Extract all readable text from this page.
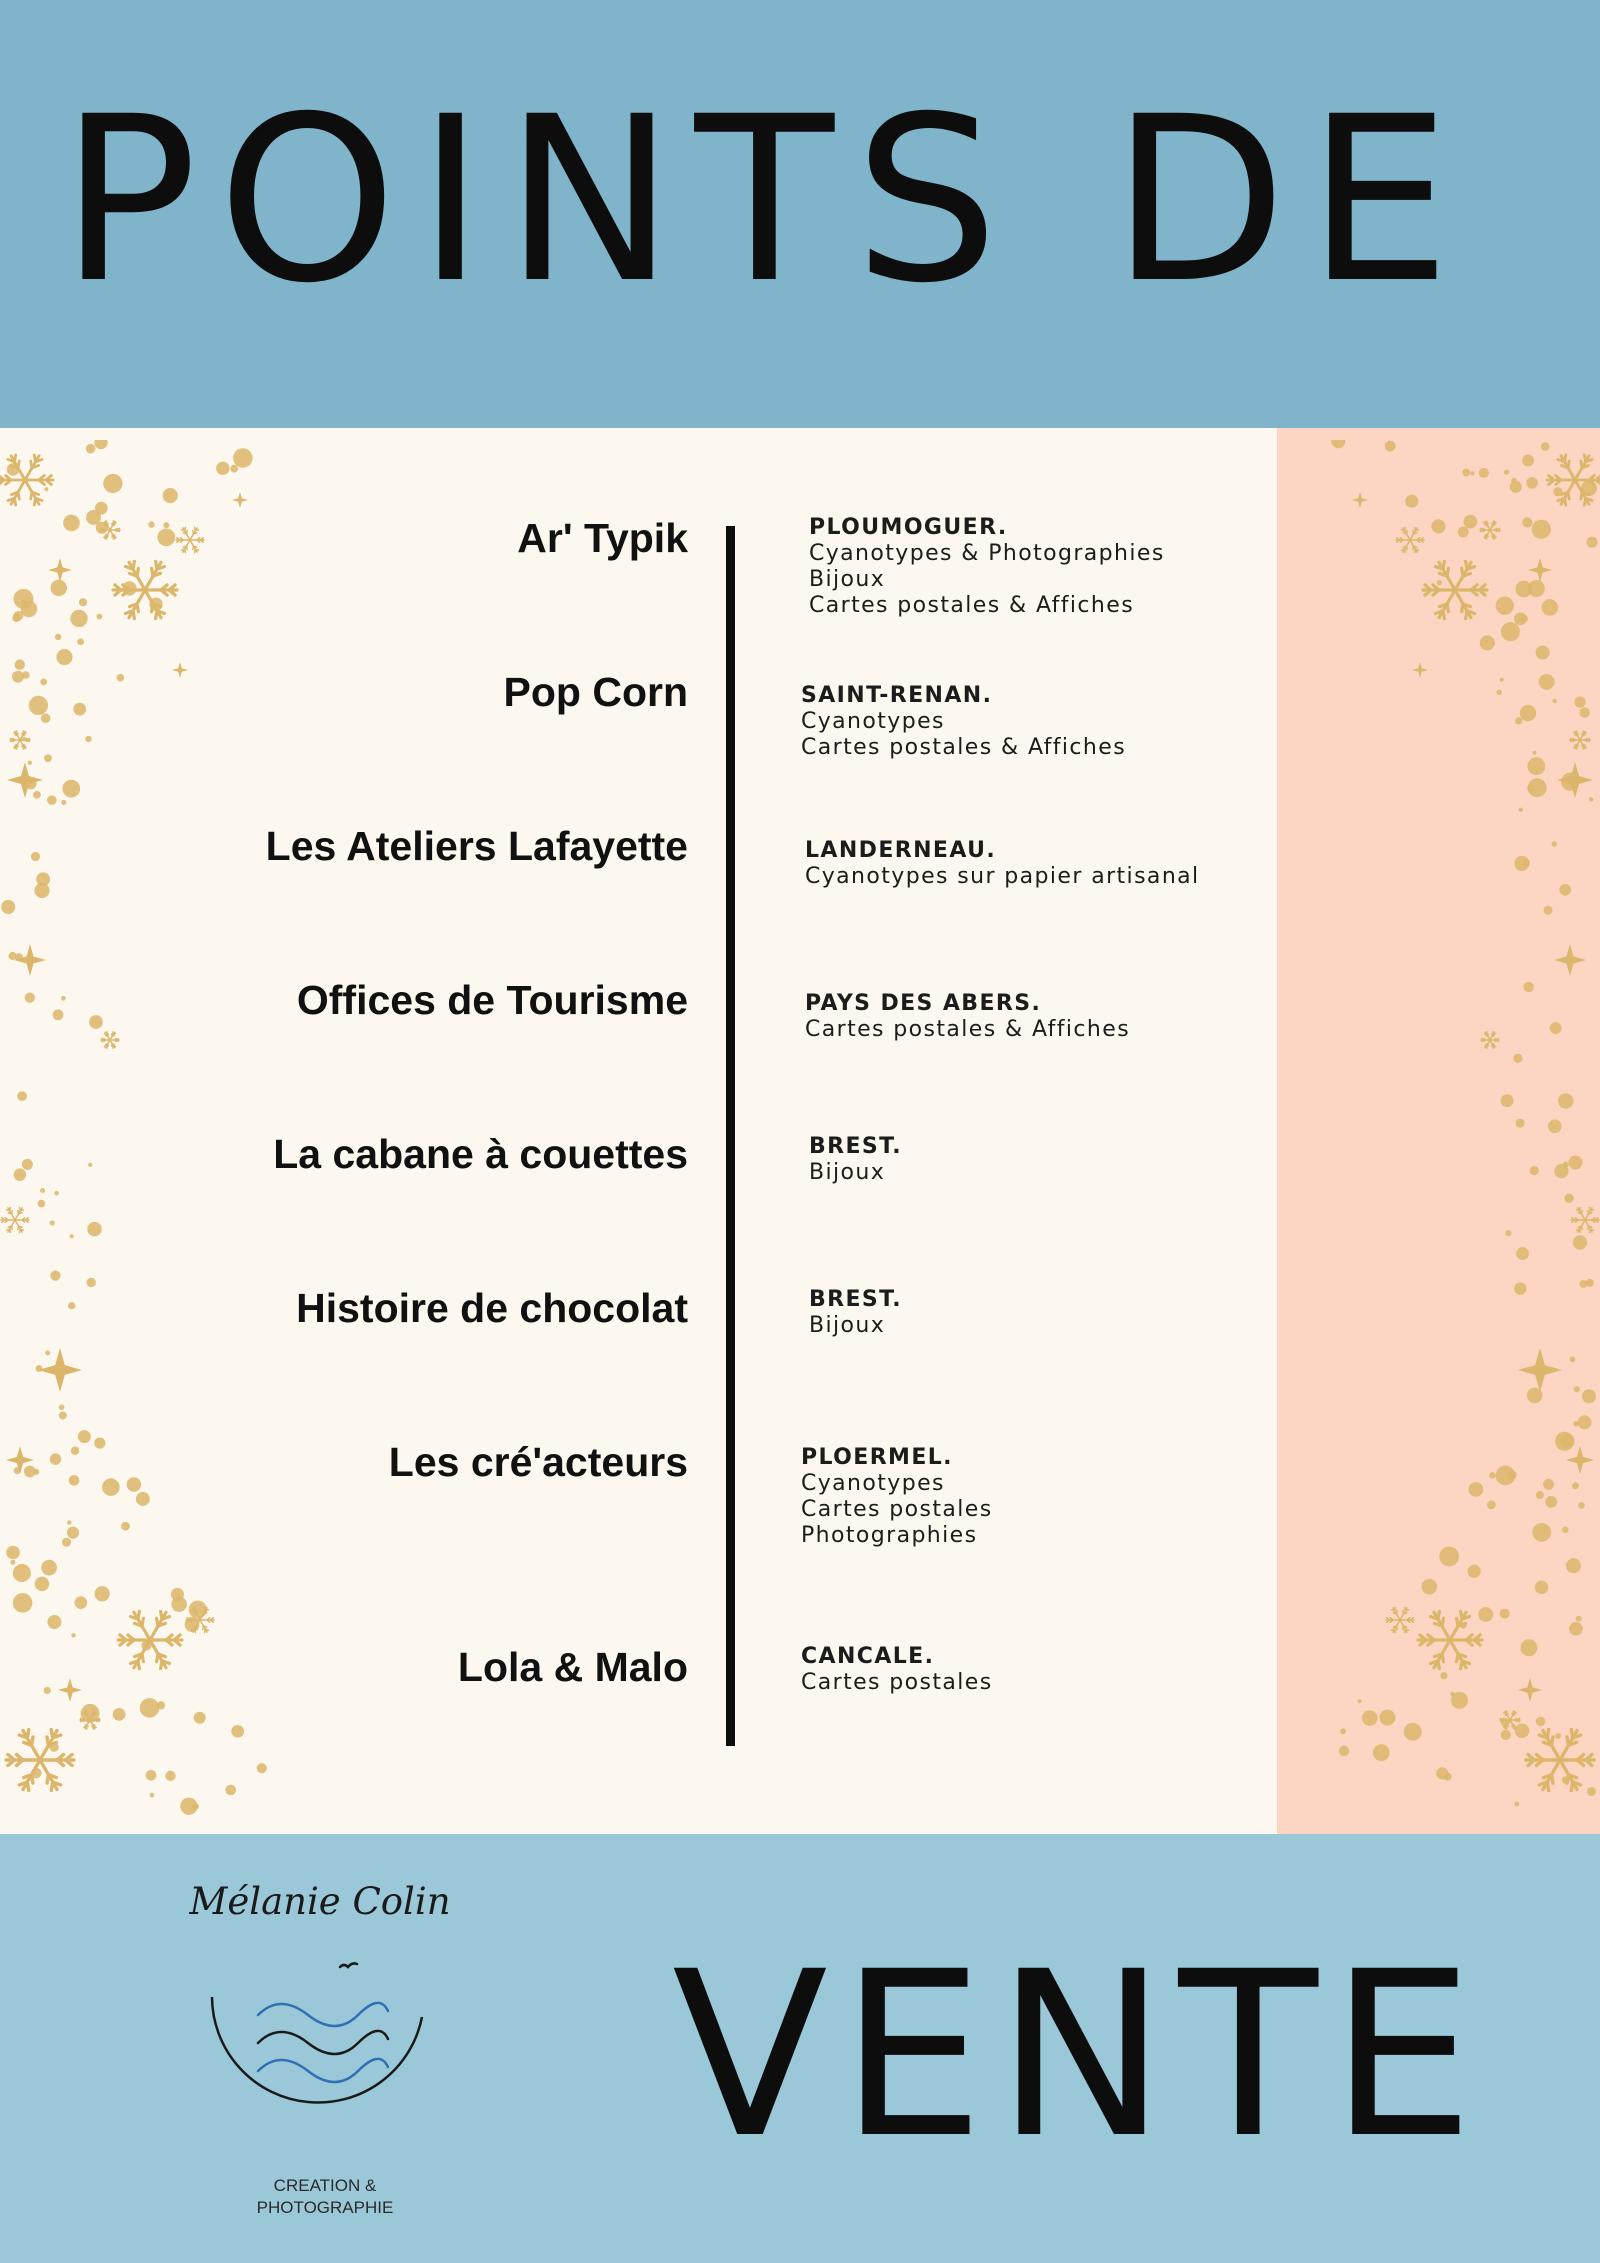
POINTS DE
Ar' Typik	PLOUMOGUER.
Cyanotypes & Photographies
Bijoux
Cartes postales & Affiches
Pop Corn	SAINT-RENAN.
Cyanotypes
Cartes postales & Affiches
Les Ateliers Lafayette	LANDERNEAU.
Cyanotypes sur papier artisanal
Offices de Tourisme	PAYS DES ABERS.
Cartes postales & Affiches
La cabane à couettes	BREST.
Bijoux
Histoire de chocolat	BREST.
Bijoux
Les cré'acteurs	PLOERMEL.
Cyanotypes
Cartes postales
Photographies
Lola & Malo	CANCALE.
Cartes postales
Mélanie Colin
CREATION &
PHOTOGRAPHIE
VENTE
